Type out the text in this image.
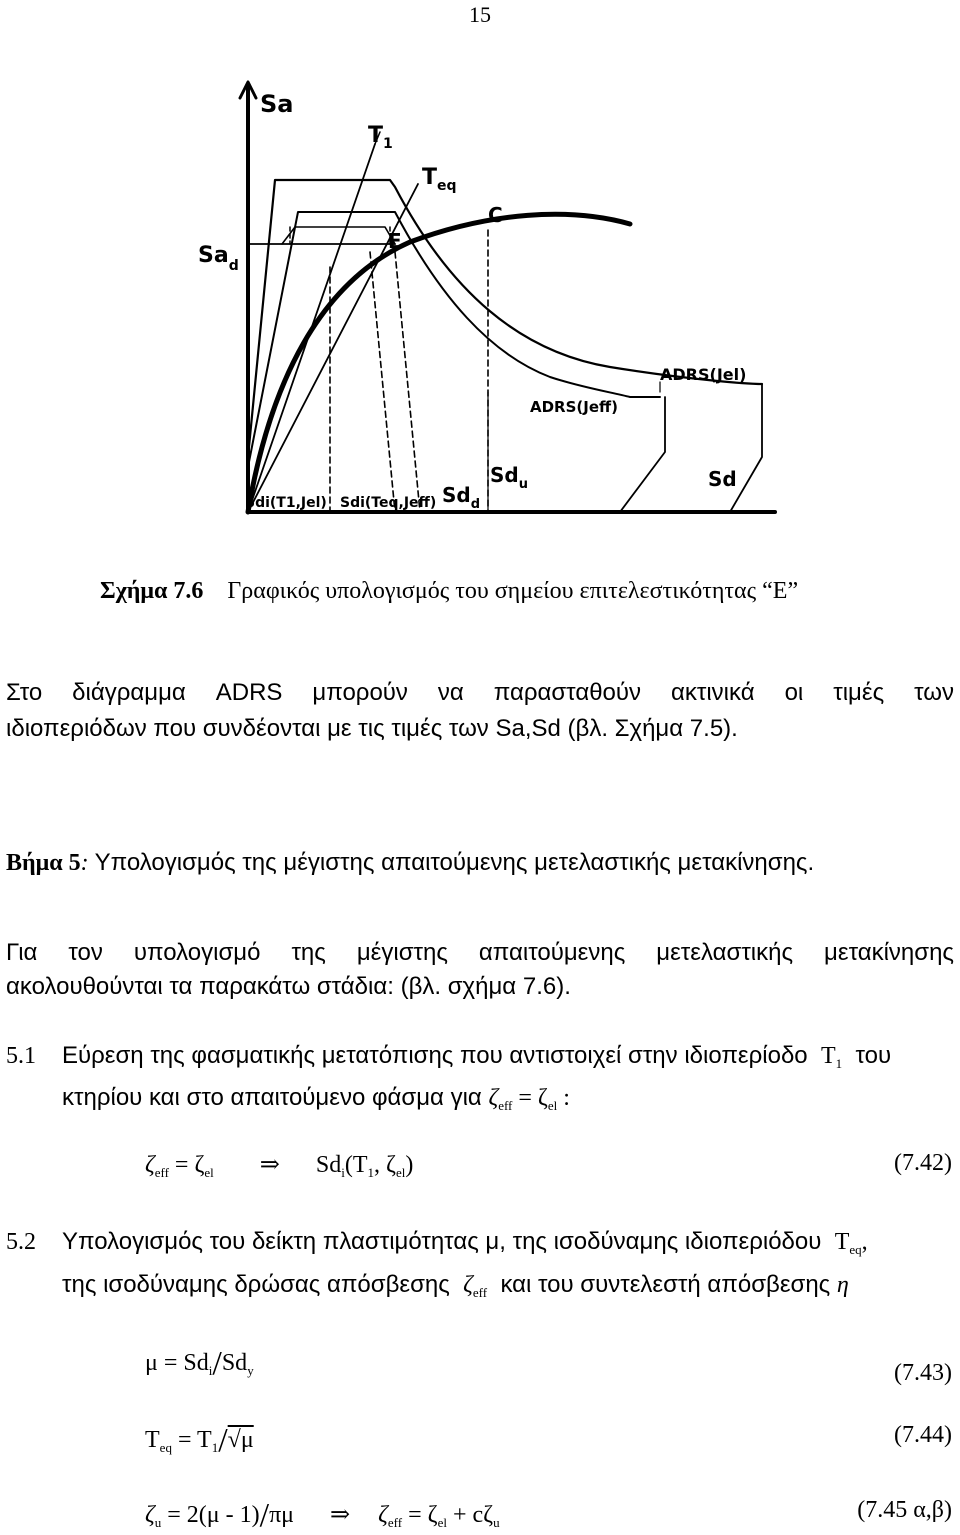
15
Sa
$Sa_d$
$T_1$
$T_{eq}$
C
E
ADRS(Jel)
ADRS(Jeff)
Sd
$Sd_d$
$Sd_u$
Sdi(T1,Jel) Sdi(Teq,Jeff)
Σχήμα 7.6 Γραφικός υπολογισμός του σημείου επιτελεστικότητας “E”
Στο διάγραμμα ADRS μπορούν να παρασταθούν ακτινικά οι τιμές των
ιδιοπεριόδων που συνδέονται με τις τιμές των Sa,Sd (βλ. Σχήμα 7.5).
Βήμα 5: Υπολογισμός της μέγιστης απαιτούμενης μετελαστικής μετακίνησης.
Για τον υπολογισμό της μέγιστης απαιτούμενης μετελαστικής μετακίνησης
ακολουθούνται τα παρακάτω στάδια: (βλ. σχήμα 7.6).
5.1 Εύρεση της φασματικής μετατόπισης που αντιστοιχεί στην ιδιοπερίοδο $T_1$ του
κτηρίου και στο απαιτούμενο φάσμα για $\zeta_{eff} = \zeta_{el}$ :
$\zeta_{eff} = \zeta_{el}$ ⇒ $Sd_i(T_1$, $\zeta_{el}$)	(7.42)
5.2 Υπολογισμός του δείκτη πλαστιμότητας μ, της ισοδύναμης ιδιοπεριόδου $T_{eq}$,
της ισοδύναμης δρώσας απόσβεσης $\zeta_{eff}$ και του συντελεστή απόσβεσης η
$\mu = Sd_i/Sd_y$	(7.43)
$T_{eq} = T_1/√\mu$	(7.44)
$\zeta_u = 2(\mu - 1)/\pi\mu$ ⇒ $\zeta_{eff} = \zeta_{el} + c\zeta_u$	(7.45 α,β)
